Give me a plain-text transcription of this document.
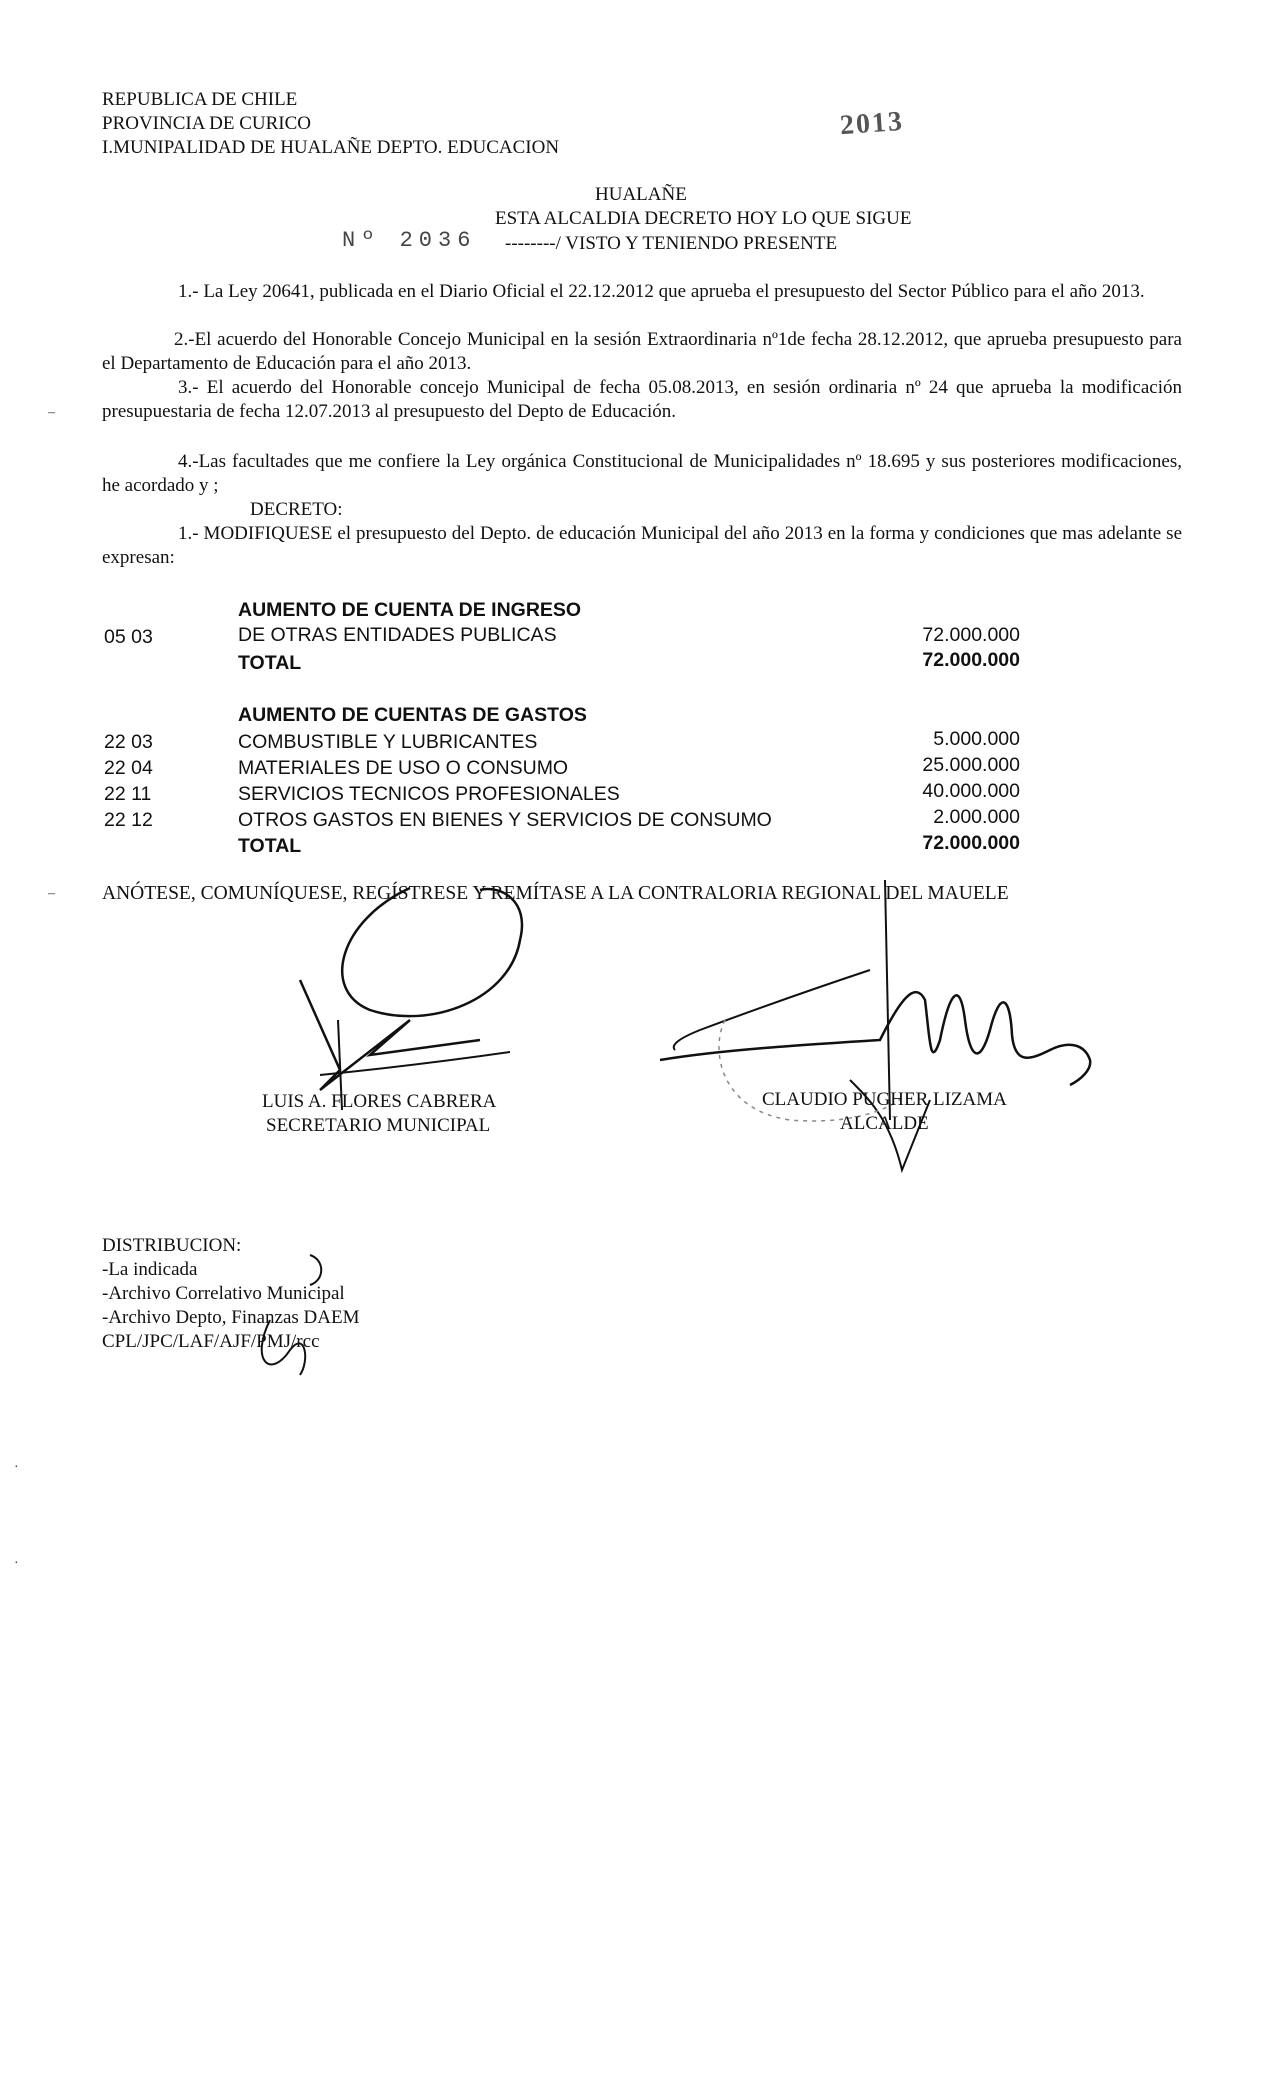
REPUBLICA DE CHILE
PROVINCIA DE CURICO
I.MUNIPALIDAD DE HUALAÑE DEPTO. EDUCACION
2013
HUALAÑE
ESTA ALCALDIA DECRETO HOY LO QUE SIGUE
Nº 2036 --------/ VISTO Y TENIENDO PRESENTE
1.- La Ley 20641, publicada en el Diario Oficial el 22.12.2012 que aprueba el presupuesto del Sector Público para el año 2013.
2.-El acuerdo del Honorable Concejo Municipal en la sesión Extraordinaria nº1de fecha 28.12.2012, que aprueba presupuesto para el Departamento de Educación para el año 2013.
3.- El acuerdo del Honorable concejo Municipal de fecha 05.08.2013, en sesión ordinaria nº 24 que aprueba la modificación presupuestaria de fecha 12.07.2013 al presupuesto del Depto de Educación.
4.-Las facultades que me confiere la Ley orgánica Constitucional de Municipalidades nº 18.695 y sus posteriores modificaciones, he acordado y ;
DECRETO:
1.- MODIFIQUESE el presupuesto del Depto. de educación Municipal del año 2013 en la forma y condiciones que mas adelante se expresan:
AUMENTO DE CUENTA DE INGRESO
05 03	DE OTRAS ENTIDADES PUBLICAS	72.000.000
TOTAL	72.000.000
AUMENTO DE CUENTAS DE GASTOS
22 03	COMBUSTIBLE Y LUBRICANTES	5.000.000
22 04	MATERIALES DE USO O CONSUMO	25.000.000
22 11	SERVICIOS TECNICOS PROFESIONALES	40.000.000
22 12	OTROS GASTOS EN BIENES Y SERVICIOS DE CONSUMO	2.000.000
TOTAL	72.000.000
ANÓTESE, COMUNÍQUESE, REGÍSTRESE Y REMÍTASE A LA CONTRALORIA REGIONAL DEL MAUELE
LUIS A. FLORES CABRERA
SECRETARIO MUNICIPAL
CLAUDIO PUGHER LIZAMA
ALCALDE
DISTRIBUCION:
-La indicada
-Archivo Correlativo Municipal
-Archivo Depto, Finanzas DAEM
CPL/JPC/LAF/AJF/PMJ/rcc
–
–
·
·
